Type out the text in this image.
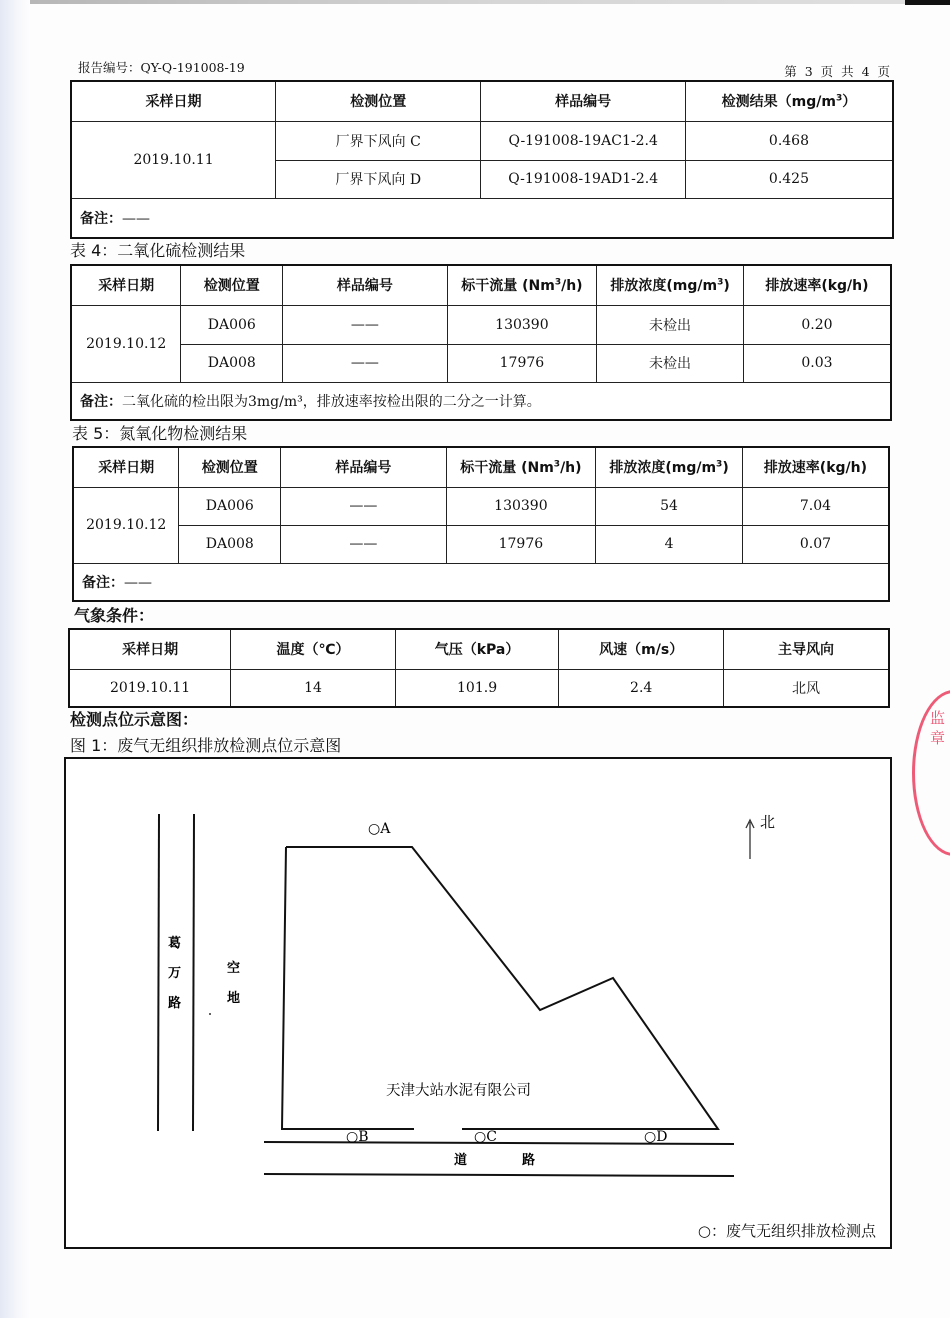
报告编号：QY-Q-191008-19	第 3 页 共 4 页
采样日期	检测位置	样品编号	检测结果$(mg/m^3)$
2019.10.11	厂界下风向 C	Q-191008-19AC1-2.4	0.468
	厂界下风向 D	Q-191008-19AD1-2.4	0.425
备注：——			
表 4：二氧化硫检测结果
采样日期	检测位置	样品编号	标干流量 (Nm$^3$/h)	排放浓度$(mg/m^3)$	排放速率(kg/h)
2019.10.12	DA006	——	130390	未检出	0.20
	DA008	——	17976	未检出	0.03
备注：二氧化硫的检出限为3mg/m³，排放速率按检出限的二分之一计算。					
表 5：氮氧化物检测结果
采样日期	检测位置	样品编号	标干流量 (Nm$^3$/h)	排放浓度$(mg/m^3)$	排放速率(kg/h)
2019.10.12	DA006	——	130390	54	7.04
	DA008	——	17976	4	0.07
备注：——					
气象条件：
采样日期	温度（℃）	气压（kPa）	风速（m/s）	主导风向
2019.10.11	14	101.9	2.4	北风
检测点位示意图：
图 1：废气无组织排放检测点位示意图
北
○A
○B	○C	○D
葛
万
路
空
地
天津大站水泥有限公司
道	路
○：废气无组织排放检测点
监 章
